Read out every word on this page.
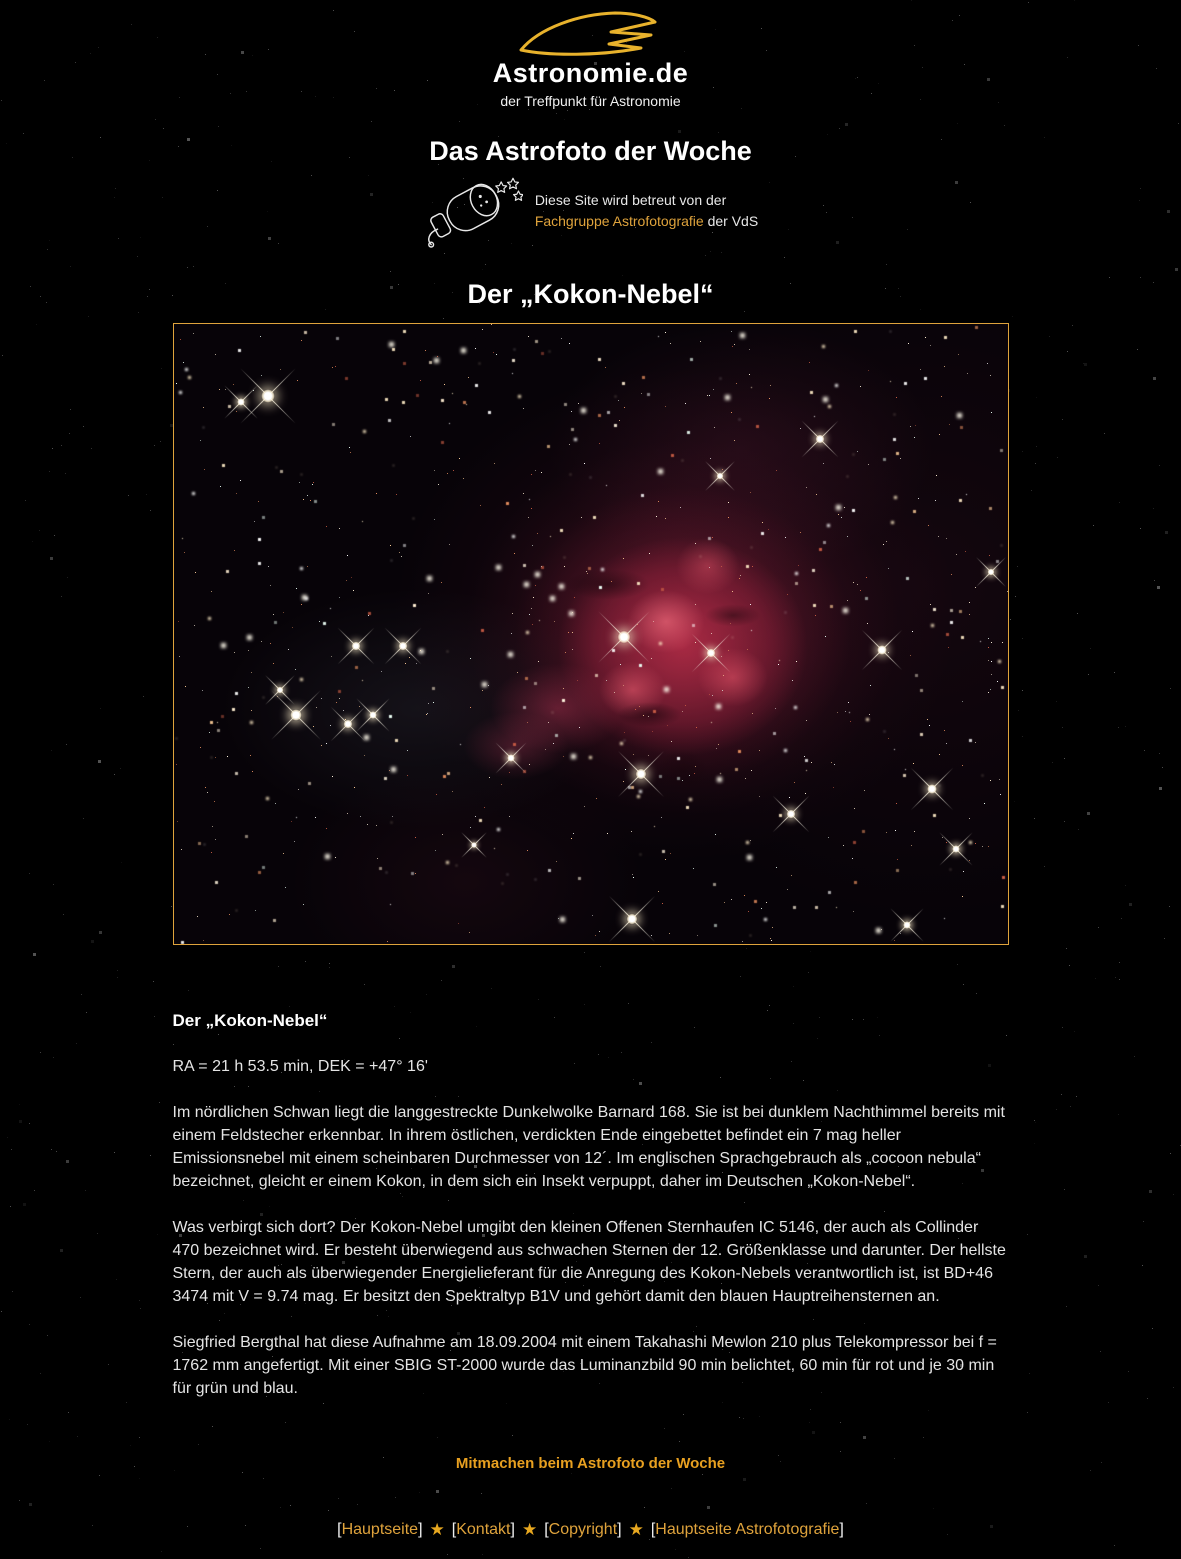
Astronomie.de
der Treffpunkt für Astronomie
Das Astrofoto der Woche
Diese Site wird betreut von der
Fachgruppe Astrofotografie der VdS
Der „Kokon-Nebel“
Der „Kokon-Nebel“

RA = 21 h 53.5 min, DEK = +47° 16'

Im nördlichen Schwan liegt die langgestreckte Dunkelwolke Barnard 168. Sie ist bei dunklem Nachthimmel bereits mit einem Feldstecher erkennbar. In ihrem östlichen, verdickten Ende eingebettet befindet ein 7 mag heller Emissionsnebel mit einem scheinbaren Durchmesser von 12´. Im englischen Sprachgebrauch als „cocoon nebula“ bezeichnet, gleicht er einem Kokon, in dem sich ein Insekt verpuppt, daher im Deutschen „Kokon-Nebel“.

Was verbirgt sich dort? Der Kokon-Nebel umgibt den kleinen Offenen Sternhaufen IC 5146, der auch als Collinder 470 bezeichnet wird. Er besteht überwiegend aus schwachen Sternen der 12. Größenklasse und darunter. Der hellste Stern, der auch als überwiegender Energielieferant für die Anregung des Kokon-Nebels verantwortlich ist, ist BD+46 3474 mit V = 9.74 mag. Er besitzt den Spektraltyp B1V und gehört damit den blauen Hauptreihensternen an.

Siegfried Bergthal hat diese Aufnahme am 18.09.2004 mit einem Takahashi Mewlon 210 plus Telekompressor bei f = 1762 mm angefertigt. Mit einer SBIG ST-2000 wurde das Luminanzbild 90 min belichtet, 60 min für rot und je 30 min für grün und blau.

Mitmachen beim Astrofoto der Woche
[Hauptseite] ★ [Kontakt] ★ [Copyright] ★ [Hauptseite Astrofotografie]
